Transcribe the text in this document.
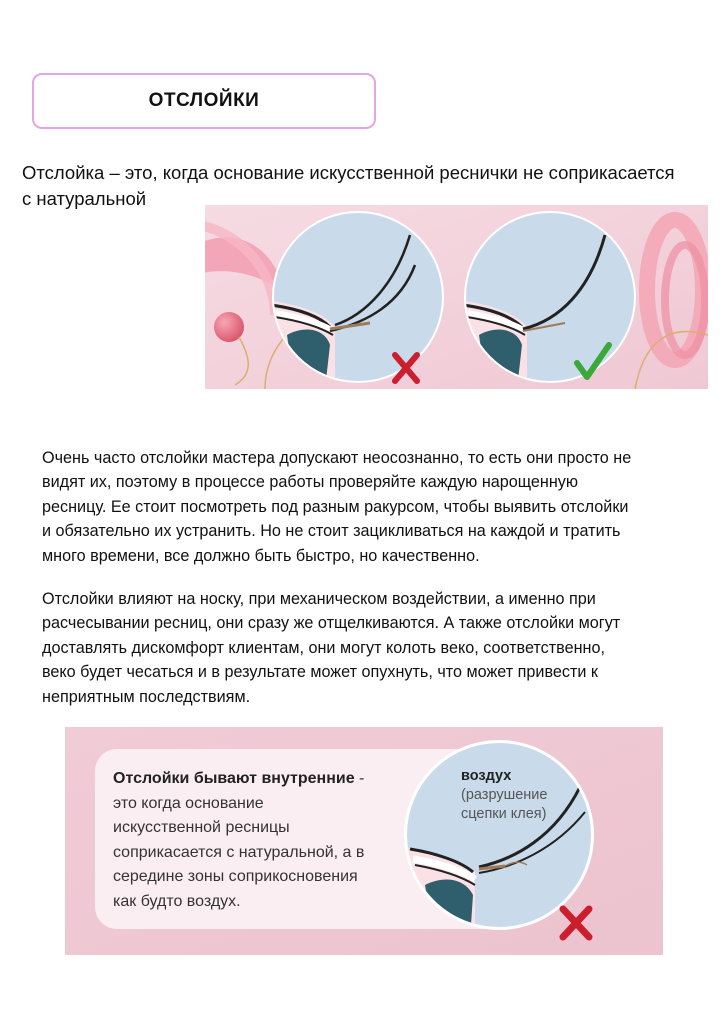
ОТСЛОЙКИ
Отслойка – это, когда основание искусственной реснички не соприкасается
с натуральной
Очень часто отслойки мастера допускают неосознанно, то есть они просто не
видят их, поэтому в процессе работы проверяйте каждую нарощенную
ресницу. Ее стоит посмотреть под разным ракурсом, чтобы выявить отслойки
и обязательно их устранить. Но не стоит зацикливаться на каждой и тратить
много времени, все должно быть быстро, но качественно.
Отслойки влияют на носку, при механическом воздействии, а именно при
расчесывании ресниц, они сразу же отщелкиваются. А также отслойки могут
доставлять дискомфорт клиентам, они могут колоть веко, соответственно,
веко будет чесаться и в результате может опухнуть, что может привести к
неприятным последствиям.
Отслойки бывают внутренние -
это когда основание
искусственной ресницы
соприкасается с натуральной, а в
середине зоны соприкосновения
как будто воздух.
воздух
(разрушение
сцепки клея)
